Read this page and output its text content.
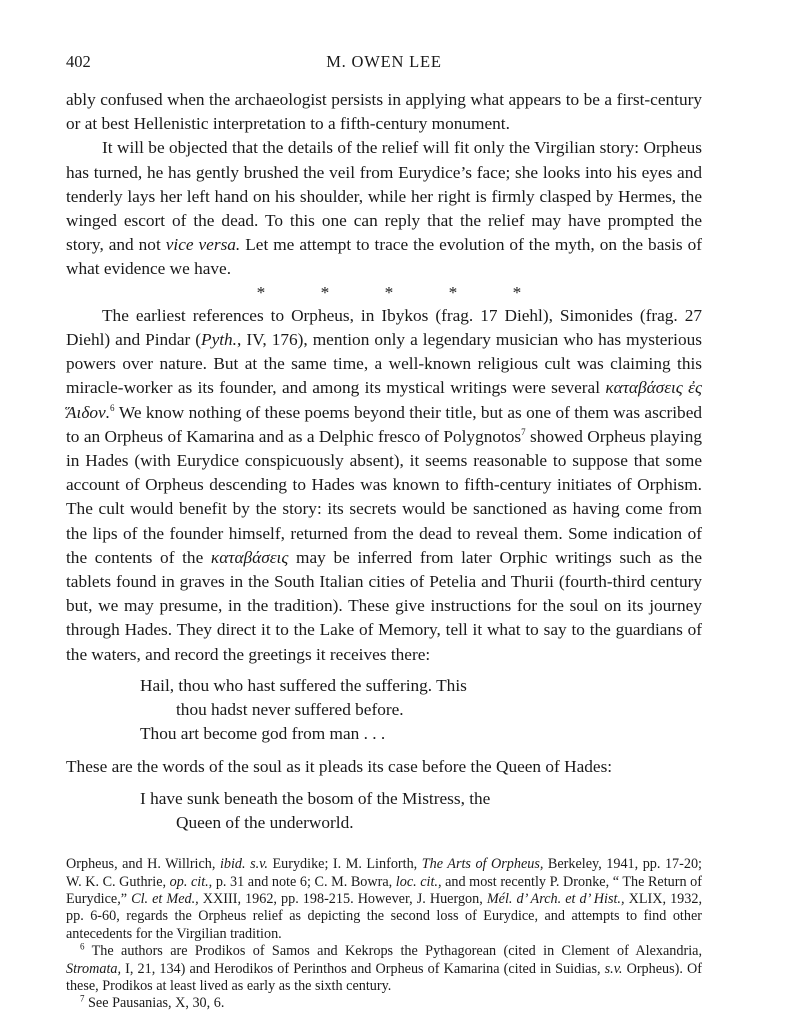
402	M. OWEN LEE

ably confused when the archaeologist persists in applying what appears to be a first-century or at best Hellenistic interpretation to a fifth-century monument.

It will be objected that the details of the relief will fit only the Virgilian story: Orpheus has turned, he has gently brushed the veil from Eurydice’s face; she looks into his eyes and tenderly lays her left hand on his shoulder, while her right is firmly clasped by Hermes, the winged escort of the dead. To this one can reply that the relief may have prompted the story, and not vice versa. Let me attempt to trace the evolution of the myth, on the basis of what evidence we have.

*	*	*	*	*

The earliest references to Orpheus, in Ibykos (frag. 17 Diehl), Simonides (frag. 27 Diehl) and Pindar (Pyth., IV, 176), mention only a legendary musician who has mysterious powers over nature. But at the same time, a well-known religious cult was claiming this miracle-worker as its founder, and among its mystical writings were several καταβάσεις ἐς Ἅιδον.$^6$ We know nothing of these poems beyond their title, but as one of them was ascribed to an Orpheus of Kamarina and as a Delphic fresco of Polygnotos$^7$ showed Orpheus playing in Hades (with Eurydice conspicuously absent), it seems reasonable to suppose that some account of Orpheus descending to Hades was known to fifth-century initiates of Orphism. The cult would benefit by the story: its secrets would be sanctioned as having come from the lips of the founder himself, returned from the dead to reveal them. Some indication of the contents of the καταβάσεις may be inferred from later Orphic writings such as the tablets found in graves in the South Italian cities of Petelia and Thurii (fourth-third century but, we may presume, in the tradition). These give instructions for the soul on its journey through Hades. They direct it to the Lake of Memory, tell it what to say to the guardians of the waters, and record the greetings it receives there:

Hail, thou who hast suffered the suffering. This
thou hadst never suffered before.
Thou art become god from man . . .

These are the words of the soul as it pleads its case before the Queen of Hades:

I have sunk beneath the bosom of the Mistress, the
Queen of the underworld.

Orpheus, and H. Willrich, ibid. s.v. Eurydike; I. M. Linforth, The Arts of Orpheus, Berkeley, 1941, pp. 17-20; W. K. C. Guthrie, op. cit., p. 31 and note 6; C. M. Bowra, loc. cit., and most recently P. Dronke, “ The Return of Eurydice,” Cl. et Med., XXIII, 1962, pp. 198-215. However, J. Huergon, Mél. d’ Arch. et d’ Hist., XLIX, 1932, pp. 6-60, regards the Orpheus relief as depicting the second loss of Eurydice, and attempts to find other antecedents for the Virgilian tradition.

$^6$ The authors are Prodikos of Samos and Kekrops the Pythagorean (cited in Clement of Alexandria, Stromata, I, 21, 134) and Herodikos of Perinthos and Orpheus of Kamarina (cited in Suidias, s.v. Orpheus). Of these, Prodikos at least lived as early as the sixth century.

$^7$ See Pausanias, X, 30, 6.
